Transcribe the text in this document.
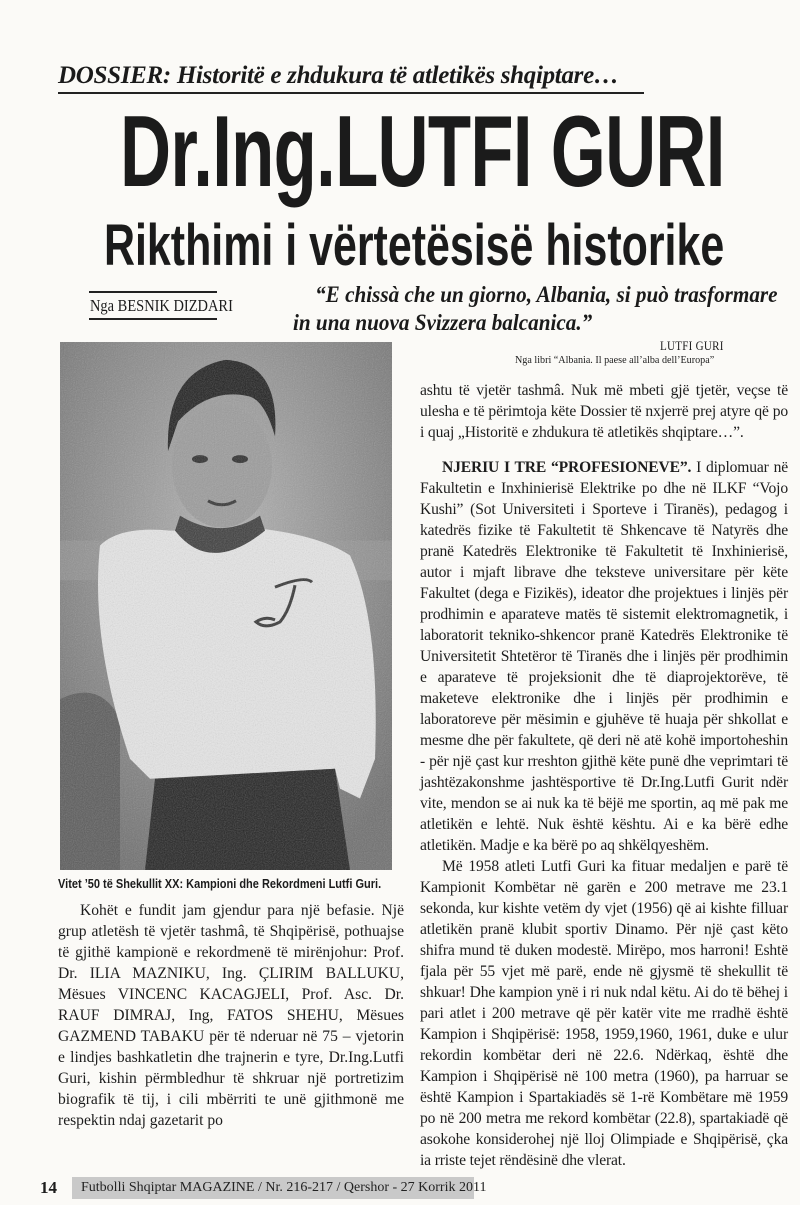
DOSSIER: Historitë e zhdukura të atletikës shqiptare…
Dr.Ing.LUTFI GURI
Rikthimi i vërtetësisë historike
Nga BESNIK DIZDARI	“E chissà che un giorno, Albania, si può trasformare
in una nuova Svizzera balcanica.”
LUTFI GURI
Nga libri “Albania. Il paese all’alba dell’Europa”
Vitet ’50 të Shekullit XX: Kampioni dhe Rekordmeni Lutfi Guri.

Kohët e fundit jam gjendur para një befasie. Një grup atletësh të vjetër tashmâ, të Shqipërisë, pothuajse të gjithë kampionë e rekordmenë të mirënjohur: Prof. Dr. ILIA MAZNIKU, Ing. ÇLIRIM BALLUKU, Mësues VINCENC KACAGJELI, Prof. Asc. Dr. RAUF DIMRAJ, Ing, FATOS SHEHU, Mësues GAZMEND TABAKU për të nderuar në 75 – vjetorin e lindjes bashkatletin dhe trajnerin e tyre, Dr.Ing.Lutfi Guri, kishin përmbledhur të shkruar një portretizim biografik të tij, i cili mbërriti te unë gjithmonë me respektin ndaj gazetarit po

ashtu të vjetër tashmâ. Nuk më mbeti gjë tjetër, veçse të ulesha e të përimtoja këte Dossier të nxjerrë prej atyre që po i quaj „Historitë e zhdukura të atletikës shqiptare…”.

NJERIU I TRE “PROFESIONEVE”. I diplomuar në Fakultetin e Inxhinierisë Elektrike po dhe në ILKF “Vojo Kushi” (Sot Universiteti i Sporteve i Tiranës), pedagog i katedrës fizike të Fakultetit të Shkencave të Natyrës dhe pranë Katedrës Elektronike të Fakultetit të Inxhinierisë, autor i mjaft librave dhe teksteve universitare për këte Fakultet (dega e Fizikës), ideator dhe projektues i linjës për prodhimin e aparateve matës të sistemit elektromagnetik, i laboratorit tekniko-shkencor pranë Katedrës Elektronike të Universitetit Shtetëror të Tiranës dhe i linjës për prodhimin e aparateve të projeksionit dhe të diaprojektorëve, të maketeve elektronike dhe i linjës për prodhimin e laboratoreve për mësimin e gjuhëve të huaja për shkollat e mesme dhe për fakultete, që deri në atë kohë importoheshin - për një çast kur rreshton gjithë këte punë dhe veprimtari të jashtëzakonshme jashtësportive të Dr.Ing.Lutfi Gurit ndër vite, mendon se ai nuk ka të bëjë me sportin, aq më pak me atletikën e lehtë. Nuk është kështu. Ai e ka bërë edhe atletikën. Madje e ka bërë po aq shkëlqyeshëm.

Më 1958 atleti Lutfi Guri ka fituar medaljen e parë të Kampionit Kombëtar në garën e 200 metrave me 23.1 sekonda, kur kishte vetëm dy vjet (1956) që ai kishte filluar atletikën pranë klubit sportiv Dinamo. Për një çast këto shifra mund të duken modestë. Mirëpo, mos harroni! Eshtë fjala për 55 vjet më parë, ende në gjysmë të shekullit të shkuar! Dhe kampion ynë i ri nuk ndal këtu. Ai do të bëhej i pari atlet i 200 metrave që për katër vite me rradhë është Kampion i Shqipërisë: 1958, 1959,1960, 1961, duke e ulur rekordin kombëtar deri në 22.6. Ndërkaq, është dhe Kampion i Shqipërisë në 100 metra (1960), pa harruar se është Kampion i Spartakiadës së 1-rë Kombëtare më 1959 po në 200 metra me rekord kombëtar (22.8), spartakiadë që asokohe konsiderohej një lloj Olimpiade e Shqipërisë, çka ia rriste tejet rëndësinë dhe vlerat.

14	Futbolli Shqiptar MAGAZINE / Nr. 216-217 / Qershor - 27 Korrik 2011
